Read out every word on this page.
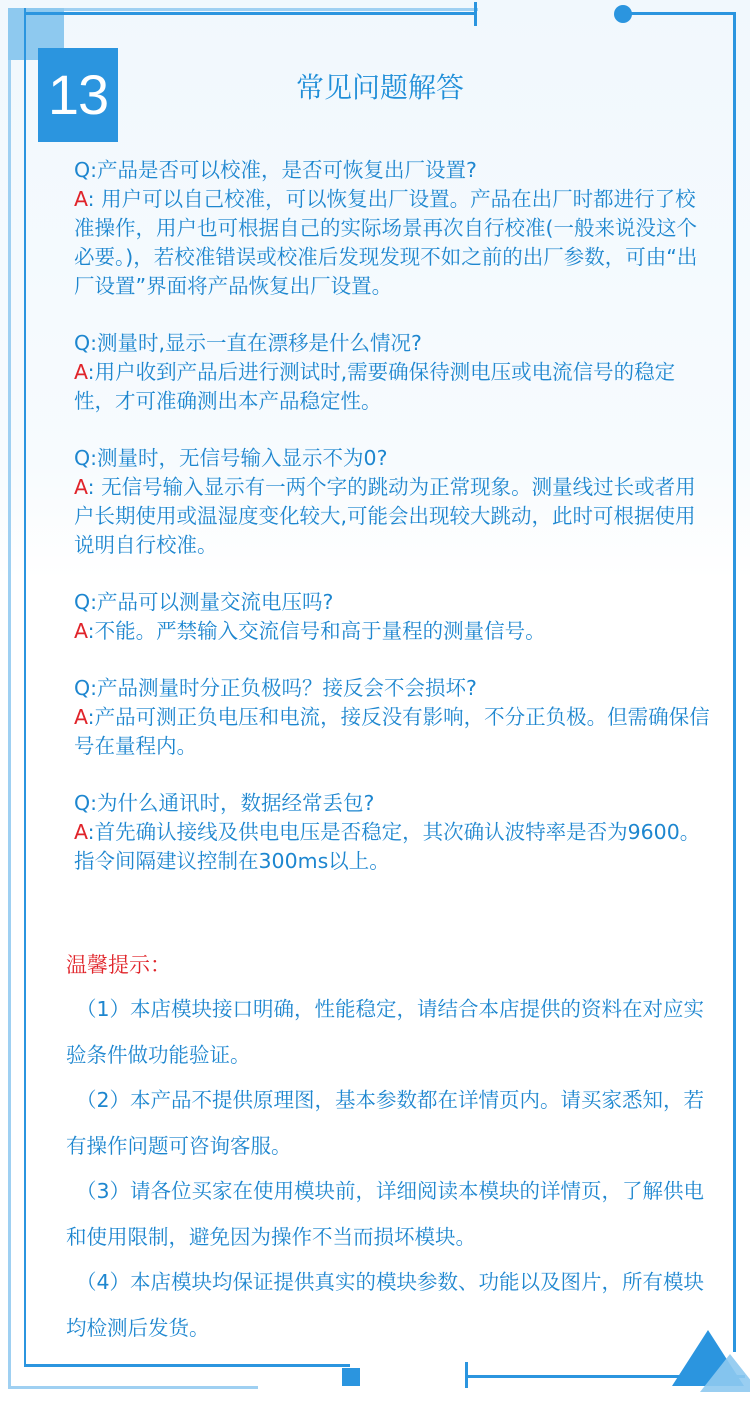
13	常见问题解答
Q:产品是否可以校准，是否可恢复出厂设置?
A: 用户可以自己校准，可以恢复出厂设置。产品在出厂时都进行了校准操作，用户也可根据自己的实际场景再次自行校准(一般来说没这个必要。)，若校准错误或校准后发现发现不如之前的出厂参数，可由“出厂设置”界面将产品恢复出厂设置。
Q:测量时,显示一直在漂移是什么情况?
A:用户收到产品后进行测试时,需要确保待测电压或电流信号的稳定性，才可准确测出本产品稳定性。
Q:测量时，无信号输入显示不为0?
A: 无信号输入显示有一两个字的跳动为正常现象。测量线过长或者用户长期使用或温湿度变化较大,可能会出现较大跳动，此时可根据使用说明自行校准。
Q:产品可以测量交流电压吗?
A:不能。严禁输入交流信号和高于量程的测量信号。
Q:产品测量时分正负极吗？接反会不会损坏?
A:产品可测正负电压和电流，接反没有影响，不分正负极。但需确保信号在量程内。
Q:为什么通讯时，数据经常丢包?
A:首先确认接线及供电电压是否稳定，其次确认波特率是否为9600。指令间隔建议控制在300ms以上。
温馨提示：
（1）本店模块接口明确，性能稳定，请结合本店提供的资料在对应实验条件做功能验证。
（2）本产品不提供原理图，基本参数都在详情页内。请买家悉知，若有操作问题可咨询客服。
（3）请各位买家在使用模块前，详细阅读本模块的详情页，了解供电和使用限制，避免因为操作不当而损坏模块。
（4）本店模块均保证提供真实的模块参数、功能以及图片，所有模块均检测后发货。
